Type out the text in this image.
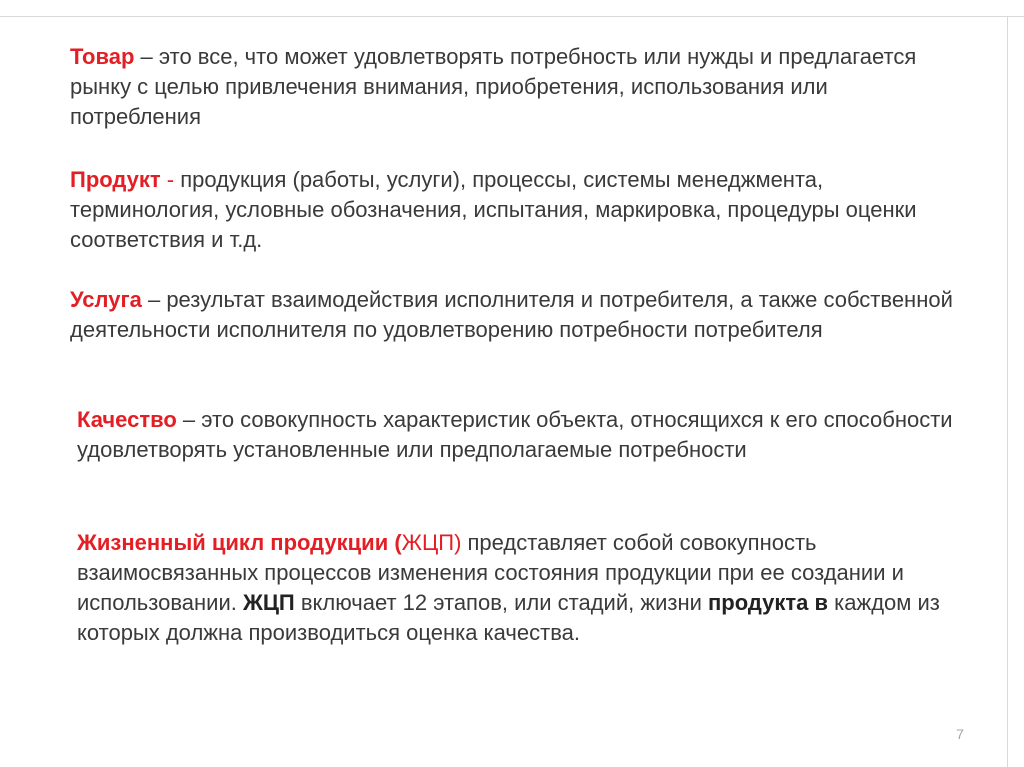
Товар – это все, что может удовлетворять потребность или нужды и предлагается рынку с целью привлечения внимания, приобретения, использования или потребления

Продукт - продукция (работы, услуги), процессы, системы менеджмента, терминология, условные обозначения, испытания, маркировка, процедуры оценки соответствия и т.д.

Услуга – результат взаимодействия исполнителя и потребителя, а также собственной деятельности исполнителя по удовлетворению потребности потребителя

Качество – это совокупность характеристик объекта, относящихся к его способности удовлетворять установленные или предполагаемые потребности

Жизненный цикл продукции (ЖЦП) представляет собой совокупность взаимосвязанных процессов изменения состояния продукции при ее создании и использовании. ЖЦП включает 12 этапов, или стадий, жизни продукта в каждом из которых должна производиться оценка качества.

7
